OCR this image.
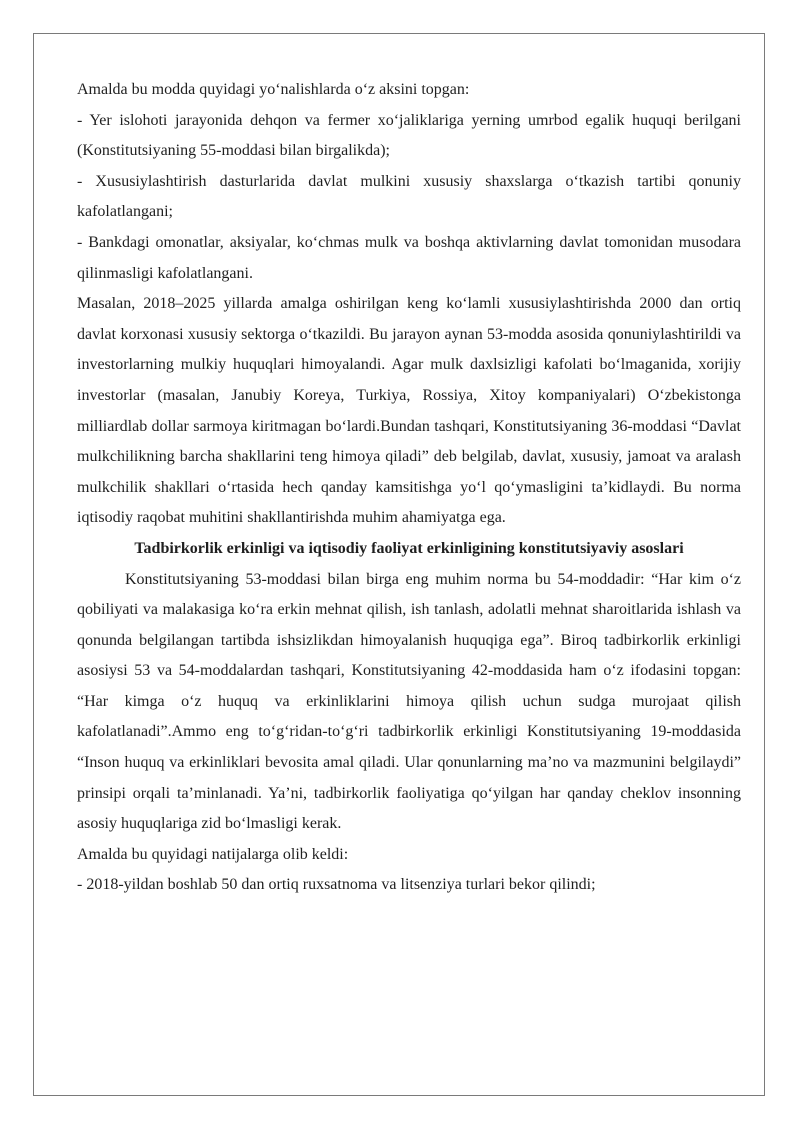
Amalda bu modda quyidagi yo‘nalishlarda o‘z aksini topgan:

- Yer islohoti jarayonida dehqon va fermer xo‘jaliklariga yerning umrbod egalik huquqi berilgani (Konstitutsiyaning 55-moddasi bilan birgalikda);

- Xususiylashtirish dasturlarida davlat mulkini xususiy shaxslarga o‘tkazish tartibi qonuniy kafolatlangani;

- Bankdagi omonatlar, aksiyalar, ko‘chmas mulk va boshqa aktivlarning davlat tomonidan musodara qilinmasligi kafolatlangani.

Masalan, 2018–2025 yillarda amalga oshirilgan keng ko‘lamli xususiylashtirishda 2000 dan ortiq davlat korxonasi xususiy sektorga o‘tkazildi. Bu jarayon aynan 53-modda asosida qonuniylashtirildi va investorlarning mulkiy huquqlari himoyalandi. Agar mulk daxlsizligi kafolati bo‘lmaganida, xorijiy investorlar (masalan, Janubiy Koreya, Turkiya, Rossiya, Xitoy kompaniyalari) O‘zbekistonga milliardlab dollar sarmoya kiritmagan bo‘lardi.Bundan tashqari, Konstitutsiyaning 36-moddasi “Davlat mulkchilikning barcha shakllarini teng himoya qiladi” deb belgilab, davlat, xususiy, jamoat va aralash mulkchilik shakllari o‘rtasida hech qanday kamsitishga yo‘l qo‘ymasligini ta’kidlaydi. Bu norma iqtisodiy raqobat muhitini shakllantirishda muhim ahamiyatga ega.

Tadbirkorlik erkinligi va iqtisodiy faoliyat erkinligining konstitutsiyaviy asoslari

Konstitutsiyaning 53-moddasi bilan birga eng muhim norma bu 54-moddadir: “Har kim o‘z qobiliyati va malakasiga ko‘ra erkin mehnat qilish, ish tanlash, adolatli mehnat sharoitlarida ishlash va qonunda belgilangan tartibda ishsizlikdan himoyalanish huquqiga ega”. Biroq tadbirkorlik erkinligi asosiysi 53 va 54-moddalardan tashqari, Konstitutsiyaning 42-moddasida ham o‘z ifodasini topgan: “Har kimga o‘z huquq va erkinliklarini himoya qilish uchun sudga murojaat qilish kafolatlanadi”.Ammo eng to‘g‘ridan-to‘g‘ri tadbirkorlik erkinligi Konstitutsiyaning 19-moddasida “Inson huquq va erkinliklari bevosita amal qiladi. Ular qonunlarning ma’no va mazmunini belgilaydi” prinsipi orqali ta’minlanadi. Ya’ni, tadbirkorlik faoliyatiga qo‘yilgan har qanday cheklov insonning asosiy huquqlariga zid bo‘lmasligi kerak.

Amalda bu quyidagi natijalarga olib keldi:

- 2018-yildan boshlab 50 dan ortiq ruxsatnoma va litsenziya turlari bekor qilindi;
